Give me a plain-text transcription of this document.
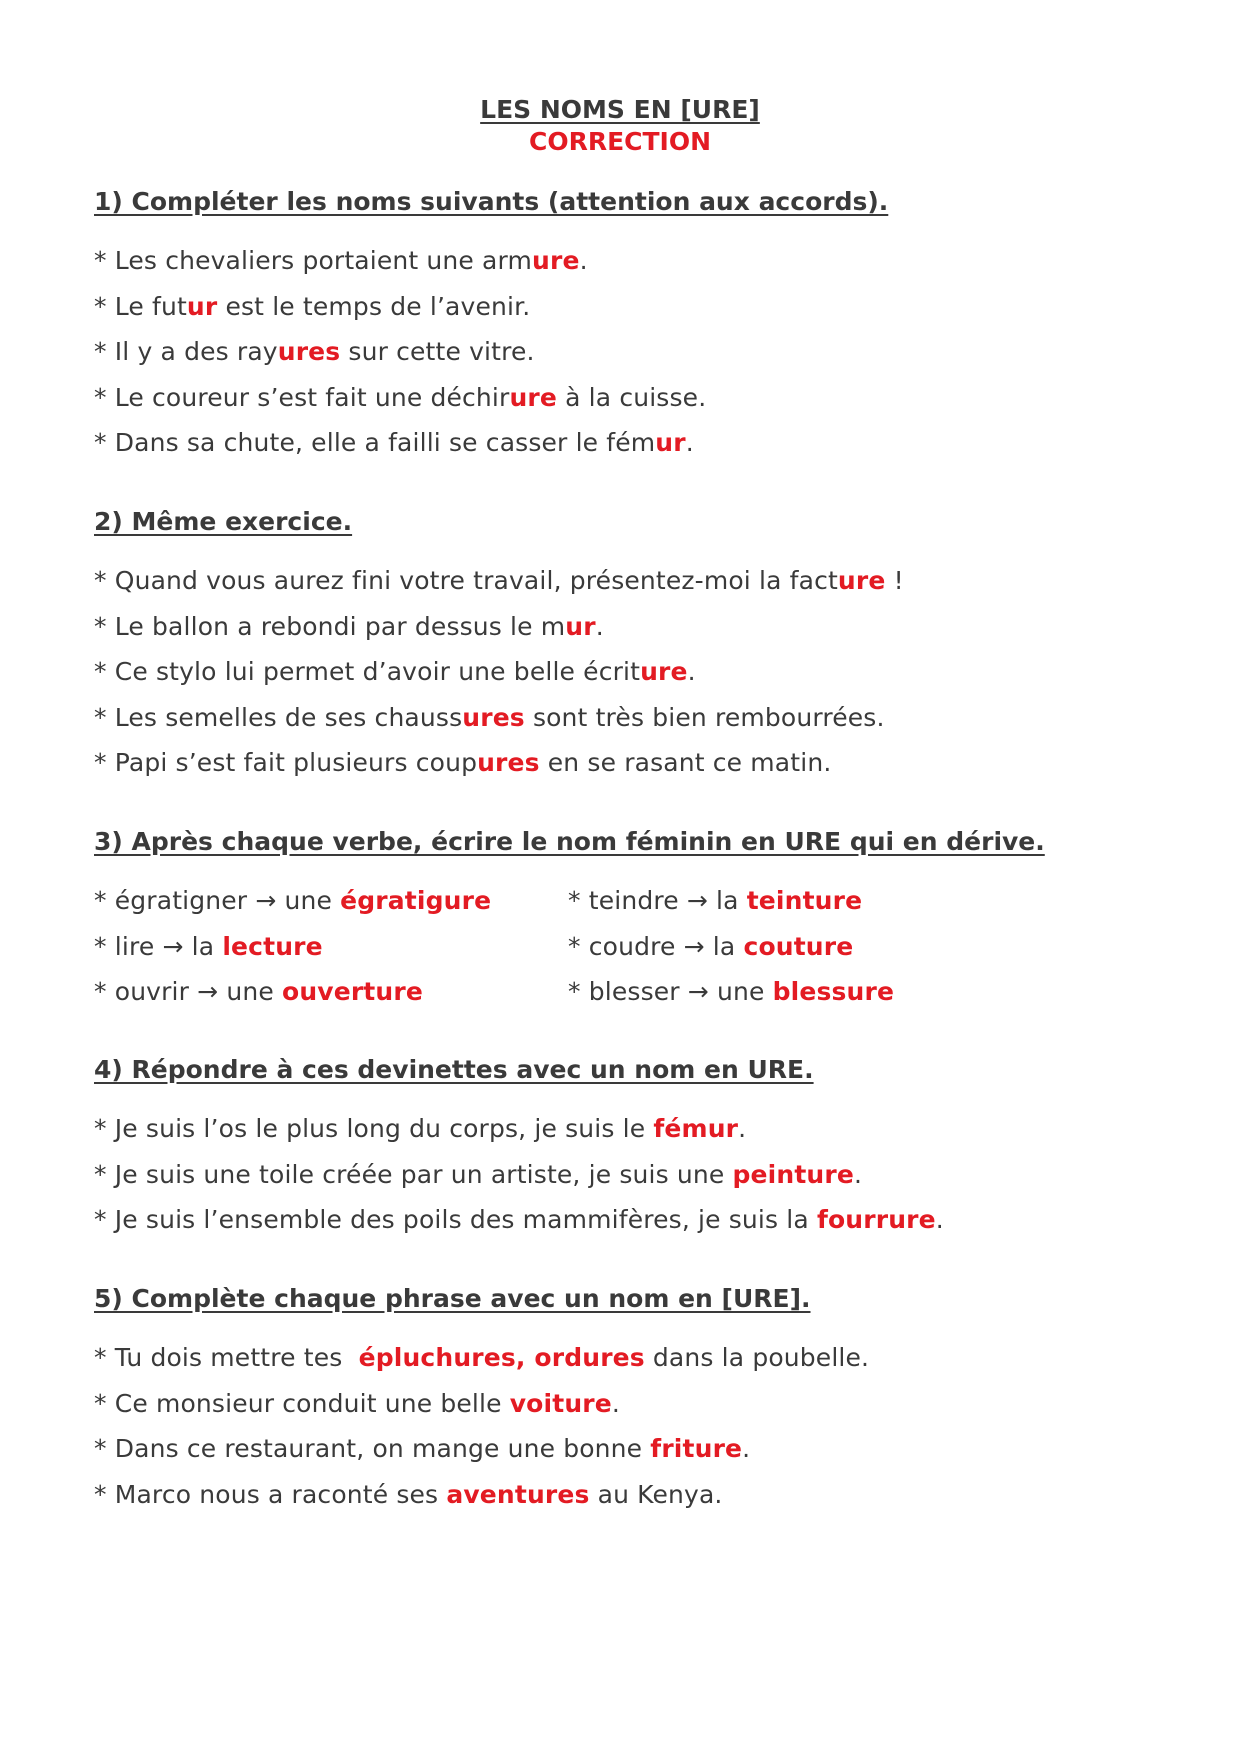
LES NOMS EN [URE]
CORRECTION
1) Compléter les noms suivants (attention aux accords).
* Les chevaliers portaient une armure.
* Le futur est le temps de l’avenir.
* Il y a des rayures sur cette vitre.
* Le coureur s’est fait une déchirure à la cuisse.
* Dans sa chute, elle a failli se casser le fémur.
2) Même exercice.
* Quand vous aurez fini votre travail, présentez-moi la facture !
* Le ballon a rebondi par dessus le mur.
* Ce stylo lui permet d’avoir une belle écriture.
* Les semelles de ses chaussures sont très bien rembourrées.
* Papi s’est fait plusieurs coupures en se rasant ce matin.
3) Après chaque verbe, écrire le nom féminin en URE qui en dérive.
* égratigner → une égratigure	* teindre → la teinture
* lire → la lecture	* coudre → la couture
* ouvrir → une ouverture	* blesser → une blessure
4) Répondre à ces devinettes avec un nom en URE.
* Je suis l’os le plus long du corps, je suis le fémur.
* Je suis une toile créée par un artiste, je suis une peinture.
* Je suis l’ensemble des poils des mammifères, je suis la fourrure.
5) Complète chaque phrase avec un nom en [URE].
* Tu dois mettre tes  épluchures, ordures dans la poubelle.
* Ce monsieur conduit une belle voiture.
* Dans ce restaurant, on mange une bonne friture.
* Marco nous a raconté ses aventures au Kenya.
